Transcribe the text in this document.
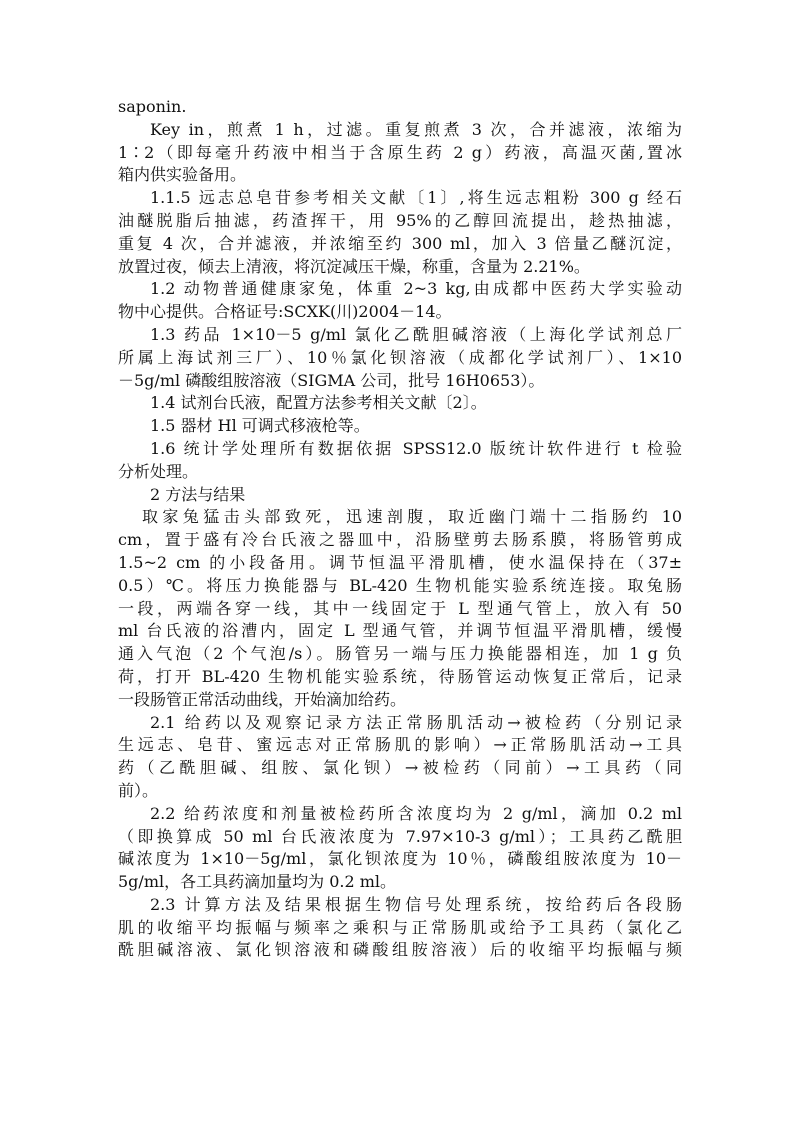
saponin.
Key in，煎煮 1 h，过滤。重复煎煮 3 次，合并滤液，浓缩为
1∶2（即每毫升药液中相当于含原生药 2 g）药液，高温灭菌,置冰
箱内供实验备用。
1.1.5 远志总皂苷参考相关文献〔1〕,将生远志粗粉 300 g 经石
油醚脱脂后抽滤，药渣挥干，用 95%的乙醇回流提出，趁热抽滤，
重复 4 次，合并滤液，并浓缩至约 300 ml，加入 3 倍量乙醚沉淀，
放置过夜，倾去上清液，将沉淀减压干燥，称重，含量为 2.21%。
1.2 动物普通健康家兔，体重 2~3 kg,由成都中医药大学实验动
物中心提供。合格证号:SCXK(川)2004－14。
1.3 药品 1×10－5 g/ml 氯化乙酰胆碱溶液（上海化学试剂总厂
所属上海试剂三厂）、10％氯化钡溶液（成都化学试剂厂）、1×10
－5g/ml 磷酸组胺溶液（SIGMA 公司，批号 16H0653）。
1.4 试剂台氏液，配置方法参考相关文献〔2〕。
1.5 器材 Hl 可调式移液枪等。
1.6 统计学处理所有数据依据 SPSS12.0 版统计软件进行 t 检验
分析处理。
2 方法与结果
取家兔猛击头部致死，迅速剖腹，取近幽门端十二指肠约 10
cm，置于盛有冷台氏液之器皿中，沿肠壁剪去肠系膜，将肠管剪成
1.5~2 cm 的小段备用。调节恒温平滑肌槽，使水温保持在（37±
0.5）℃。将压力换能器与 BL-420 生物机能实验系统连接。取兔肠
一段，两端各穿一线，其中一线固定于 L 型通气管上，放入有 50
ml 台氏液的浴漕内，固定 L 型通气管，并调节恒温平滑肌槽，缓慢
通入气泡（2 个气泡/s）。肠管另一端与压力换能器相连，加 1 g 负
荷，打开 BL-420 生物机能实验系统，待肠管运动恢复正常后，记录
一段肠管正常活动曲线，开始滴加给药。
2.1 给药以及观察记录方法正常肠肌活动→被检药（分别记录
生远志、皂苷、蜜远志对正常肠肌的影响）→正常肠肌活动→工具
药（乙酰胆碱、组胺、氯化钡）→被检药（同前）→工具药（同
前）。
2.2 给药浓度和剂量被检药所含浓度均为 2 g/ml，滴加 0.2 ml
（即换算成 50 ml 台氏液浓度为 7.97×10-3 g/ml）；工具药乙酰胆
碱浓度为 1×10－5g/ml，氯化钡浓度为 10％，磷酸组胺浓度为 10－
5g/ml，各工具药滴加量均为 0.2 ml。
2.3 计算方法及结果根据生物信号处理系统，按给药后各段肠
肌的收缩平均振幅与频率之乘积与正常肠肌或给予工具药（氯化乙
酰胆碱溶液、氯化钡溶液和磷酸组胺溶液）后的收缩平均振幅与频
